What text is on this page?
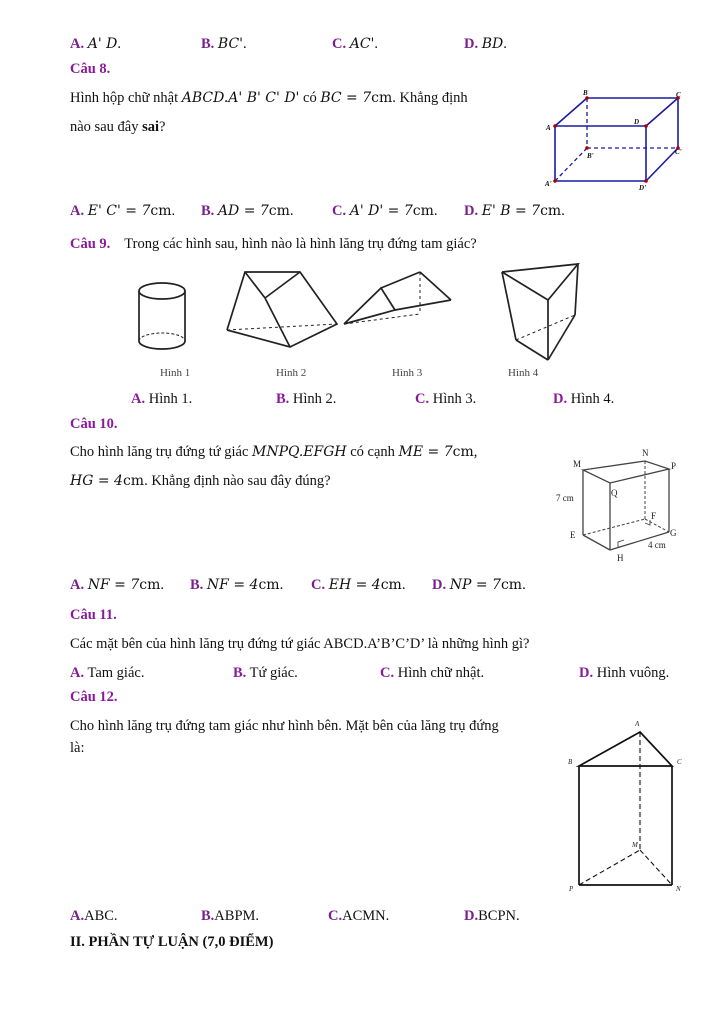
A. A' D.	B. BC'.	C. AC'.	D. BD.
Câu 8.
Hình hộp chữ nhật ABCD.A' B' C' D' có BC = 7cm. Khẳng định
nào sau đây sai?
B	C
A
D
B'	C'
A'	D'
A. E' C' = 7cm. B. AD = 7cm.	C. A' D' = 7cm. D. E' B = 7cm.
Câu 9. Trong các hình sau, hình nào là hình lăng trụ đứng tam giác?
Hình 1	Hình 2	Hình 3	Hình 4
A. Hình 1.	B. Hình 2.	C. Hình 3.	D. Hình 4.
Câu 10.
Cho hình lăng trụ đứng tứ giác MNPQ.EFGH có cạnh ME = 7cm,
HG = 4cm. Khẳng định nào sau đây đúng?
M
N
P
Q
E
F
G
H
7 cm
4 cm
A. NF = 7cm. B. NF = 4cm. C. EH = 4cm. D. NP = 7cm.
Câu 11.
Các mặt bên của hình lăng trụ đứng tứ giác ABCD.A’B’C’D’ là những hình gì?
A. Tam giác.	B. Tứ giác.	C. Hình chữ nhật.	D. Hình vuông.
Câu 12.
Cho hình lăng trụ đứng tam giác như hình bên. Mặt bên của lăng trụ đứng
là:
A
B	C
M
P	N
A.ABC.	B.ABPM.	C.ACMN.	D.BCPN.
II. PHẦN TỰ LUẬN (7,0 ĐIỂM)
